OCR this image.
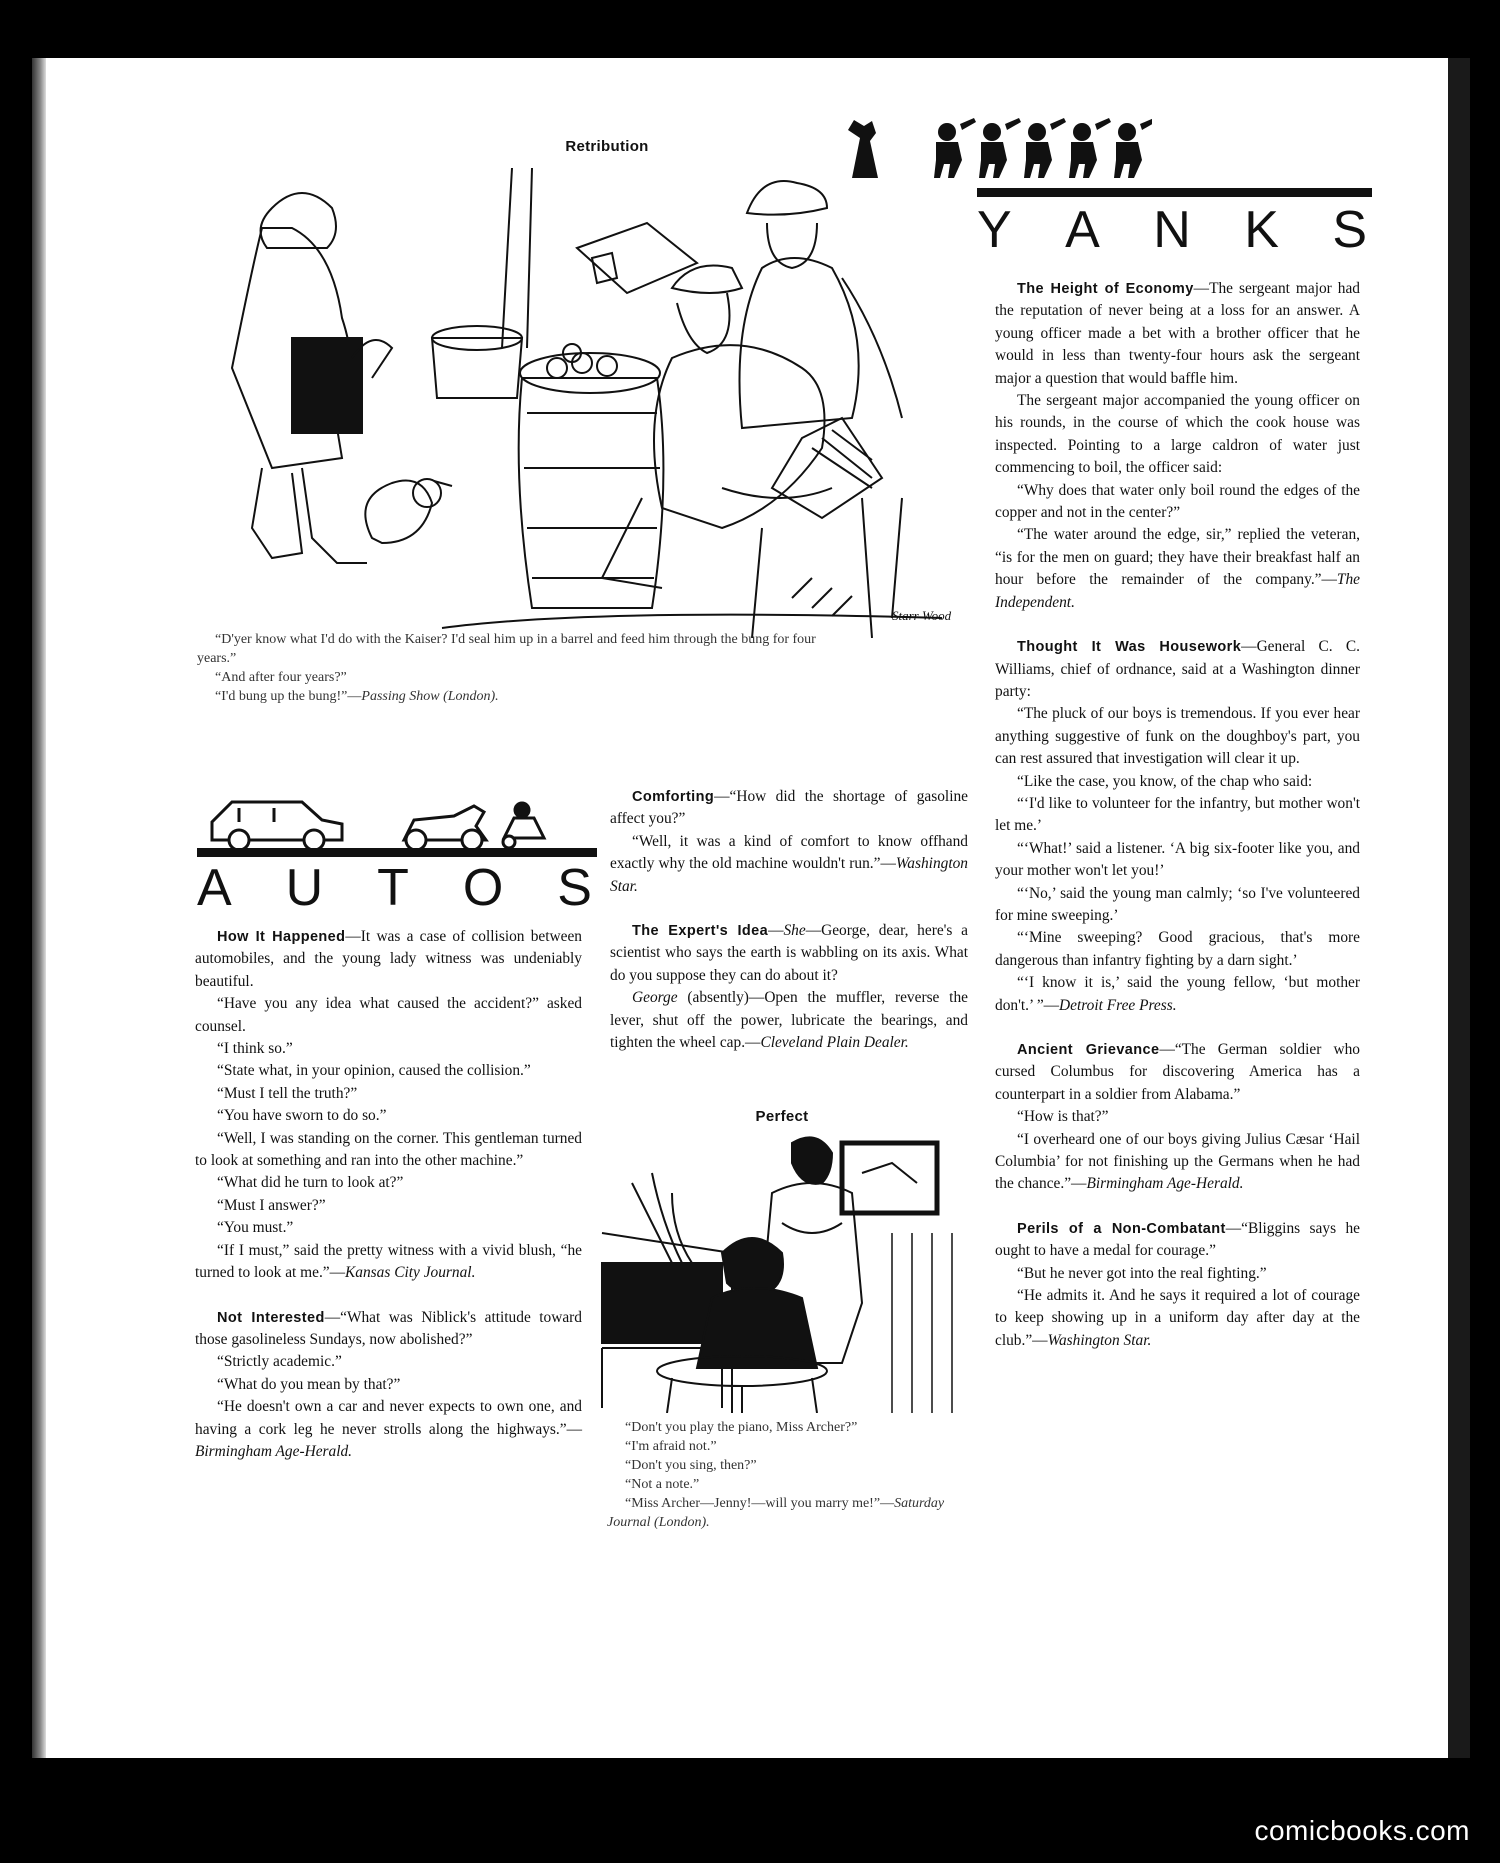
Retribution
Starr Wood

“D'yer know what I'd do with the Kaiser? I'd seal him up in a barrel and feed him through the bung for four years.”

“And after four years?”

“I'd bung up the bung!”—Passing Show (London).

Y A N K S

The Height of Economy—The sergeant major had the reputation of never being at a loss for an answer. A young officer made a bet with a brother officer that he would in less than twenty-four hours ask the sergeant major a question that would baffle him.

The sergeant major accompanied the young officer on his rounds, in the course of which the cook house was inspected. Pointing to a large caldron of water just commencing to boil, the officer said:

“Why does that water only boil round the edges of the copper and not in the center?”

“The water around the edge, sir,” replied the veteran, “is for the men on guard; they have their breakfast half an hour before the remainder of the company.”—The Independent.

Thought It Was Housework—General C. C. Williams, chief of ordnance, said at a Washington dinner party:

“The pluck of our boys is tremendous. If you ever hear anything suggestive of funk on the doughboy's part, you can rest assured that investigation will clear it up.

“Like the case, you know, of the chap who said:

“‘I'd like to volunteer for the infantry, but mother won't let me.’

“‘What!’ said a listener. ‘A big six-footer like you, and your mother won't let you!’

“‘No,’ said the young man calmly; ‘so I've volunteered for mine sweeping.’

“‘Mine sweeping? Good gracious, that's more dangerous than infantry fighting by a darn sight.’

“‘I know it is,’ said the young fellow, ‘but mother don't.’ ”—Detroit Free Press.

Ancient Grievance—“The German soldier who cursed Columbus for discovering America has a counterpart in a soldier from Alabama.”

“How is that?”

“I overheard one of our boys giving Julius Cæsar ‘Hail Columbia’ for not finishing up the Germans when he had the chance.”—Birmingham Age-Herald.

Perils of a Non-Combatant—“Bliggins says he ought to have a medal for courage.”

“But he never got into the real fighting.”

“He admits it. And he says it required a lot of courage to keep showing up in a uniform day after day at the club.”—Washington Star.

A U T O S

How It Happened—It was a case of collision between automobiles, and the young lady witness was undeniably beautiful.

“Have you any idea what caused the accident?” asked counsel.

“I think so.”

“State what, in your opinion, caused the collision.”

“Must I tell the truth?”

“You have sworn to do so.”

“Well, I was standing on the corner. This gentleman turned to look at something and ran into the other machine.”

“What did he turn to look at?”

“Must I answer?”

“You must.”

“If I must,” said the pretty witness with a vivid blush, “he turned to look at me.”—Kansas City Journal.

Not Interested—“What was Niblick's attitude toward those gasolineless Sundays, now abolished?”

“Strictly academic.”

“What do you mean by that?”

“He doesn't own a car and never expects to own one, and having a cork leg he never strolls along the highways.”—Birmingham Age-Herald.

Comforting—“How did the shortage of gasoline affect you?”

“Well, it was a kind of comfort to know offhand exactly why the old machine wouldn't run.”—Washington Star.

The Expert's Idea—She—George, dear, here's a scientist who says the earth is wabbling on its axis. What do you suppose they can do about it?

George (absently)—Open the muffler, reverse the lever, shut off the power, lubricate the bearings, and tighten the wheel cap.—Cleveland Plain Dealer.

Perfect

“Don't you play the piano, Miss Archer?”

“I'm afraid not.”

“Don't you sing, then?”

“Not a note.”

“Miss Archer—Jenny!—will you marry me!”—Saturday Journal (London).

comicbooks.com
